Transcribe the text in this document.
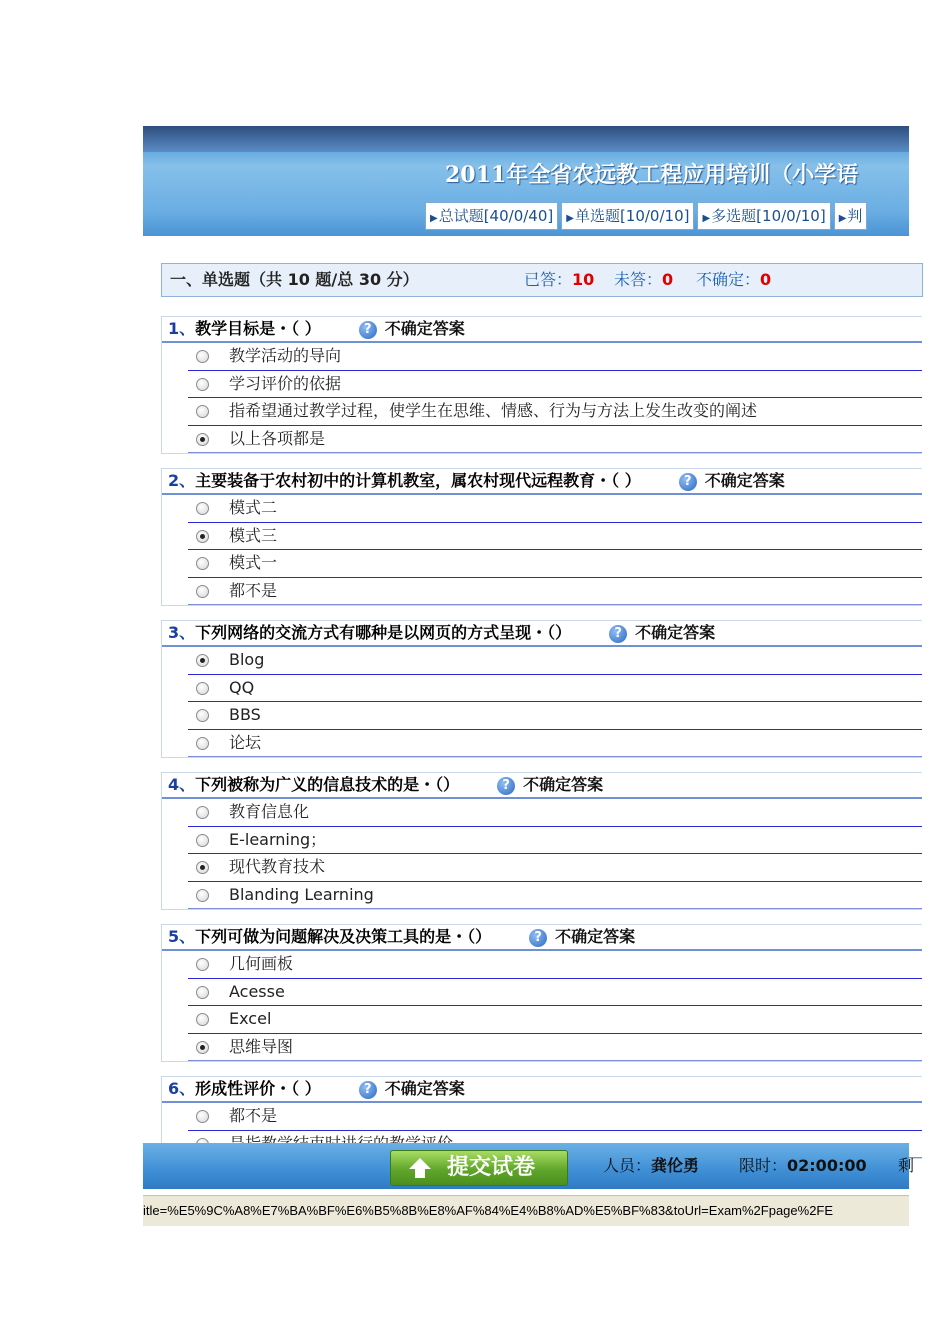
2011年全省农远教工程应用培训（小学语
▶总试题[40/0/40] ▶单选题[10/0/10] ▶多选题[10/0/10] ▶判
一、单选题（共 10 题/总 30 分）	已答：10 未答：0 不确定：0
1、教学目标是・（ ）	? 不确定答案
教学活动的导向
学习评价的依据
指希望通过教学过程，使学生在思维、情感、行为与方法上发生改变的阐述
以上各项都是
2、主要装备于农村初中的计算机教室，属农村现代远程教育・（ ）	? 不确定答案
模式二
模式三
模式一
都不是
3、下列网络的交流方式有哪种是以网页的方式呈现・（）	? 不确定答案
Blog
QQ
BBS
论坛
4、下列被称为广义的信息技术的是・（）	? 不确定答案
教育信息化
E-learning；
现代教育技术
Blanding Learning
5、下列可做为问题解决及决策工具的是・（）	? 不确定答案
几何画板
Acesse
Excel
思维导图
6、形成性评价・（ ）	? 不确定答案
都不是
提交试卷	人员：龚伦勇 限时：02:00:00 剩
itle=%E5%9C%A8%E7%BA%BF%E6%B5%8B%E8%AF%84%E4%B8%AD%E5%BF%83&toUrl=Exam%2Fpage%2FE
